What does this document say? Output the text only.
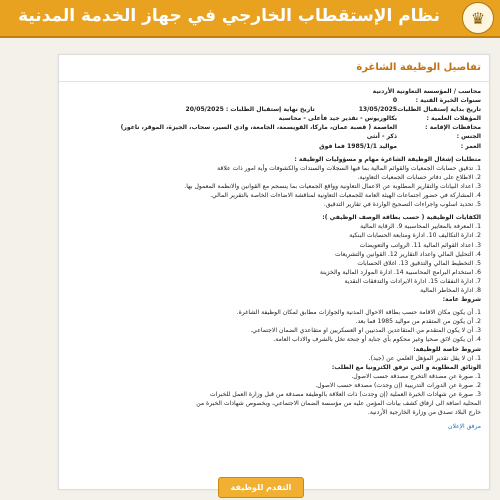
♛
نظام الإستقطاب الخارجي في جهاز الخدمة المدنية
تفاصيل الوظيفة الشاغرة
محاسب / المؤسسة التعاونية الأردنية
سنوات الخبرة الفنية : 0
تاريخ بداية إستقبال الطلبات : 13/05/2025  تاريخ نهاية إستقبال الطلبات : 20/05/2025
المؤهلات العلمية : بكالوريوس - تقدير جيد فأعلى - محاسبة
محافظات الإقامة : العاصمة ( قصبة عمان، ماركا، القويسمة، الجامعة، وادي السير، سحاب، الجيزة، الموقر، ناعور)
الجنس : ذكر - أنثى
العمر : مواليد 1985/1/1 فما فوق
متطلبات إشغال الوظيفة الشاغرة مهام و مسؤوليات الوظيفة :
1. تدقيق حسابات الجمعيات والقوائم المالية بما فيها السجلات والسندات والكشوفات وأية امور ذات علاقة
2. الاطلاع على دفاتر حسابات الجمعيات التعاونية.
3. اعداد البيانات والتقارير المطلوبة عن الاعمال التعاونية وواقع الجمعيات بما ينسجم مع القوانين والانظمة المعمول بها.
4. المشاركة في حضور اجتماعات الهيئة العامة للجمعيات التعاونية لمناقشة الاضاءات الخاصة بالتقرير المالي.
5. تحديد اسلوب واجراءات التصحيح الواردة في تقارير التدقيق.
الكفايات الوظيفية ( حسب بطاقة الوصف الوظيفي ):
1. المعرفة بالمعايير المحاسبية 9. الرقابة المالية
2. ادارة التكاليف 10. ادارة ومتابعة الحسابات البنكية
3. اعداد القوائم المالية 11. الرواتب والتعويضات
4. التحليل المالي واعداد التقارير 12. القوانين والتشريعات
5. التخطيط المالي والتدقيق 13. اغلاق الحسابات
6. استخدام البرامج المحاسبية 14. ادارة الموارد المالية والخزينة
7. ادارة النفقات 15. ادارة الايرادات والتدفقات النقدية
8. ادارة المخاطر المالية
شروط عامة:
1. أن يكون مكان الاقامة حسب بطاقة الاحوال المدنية والجوازات مطابق لمكان الوظيفة الشاغرة.
2. أن يكون من المتقدم من مواليد 1985 فما بعد.
3. أن لا يكون المتقدم من المتقاعدين المدنيين او العسكريين او متقاعدي الضمان الاجتماعي.
4. أن يكون لائق صحيا وغير محكوم بأي جناية أو جنحة تخل بالشرف والاداب العامة.
شروط خاصة للوظيفة:
1. ان لا يقل تقدير المؤهل العلمي عن (جيد).
الوثائق المطلوبة و التي ترفق الكترونيا مع الطلب:
1. صورة عن مصدقة التخرج مصدقة حسب الاصول.
2. صورة عن الدورات التدريبية (إن وجدت) مصدقة حسب الاصول.
3. صورة عن شهادات الخبرة العملية (إن وجدت) ذات العلاقة بالوظيفة مصدقة من قبل وزارة العمل للخبرات
المحلية اضافة الى ارفاق كشف بيانات المؤمن عليه من مؤسسة الضمان الاجتماعي، وبخصوص شهادات الخبرة من
خارج البلاد تصدق من وزارة الخارجية الأردنية.
مرفق الإعلان
التقدم للوظيفة
